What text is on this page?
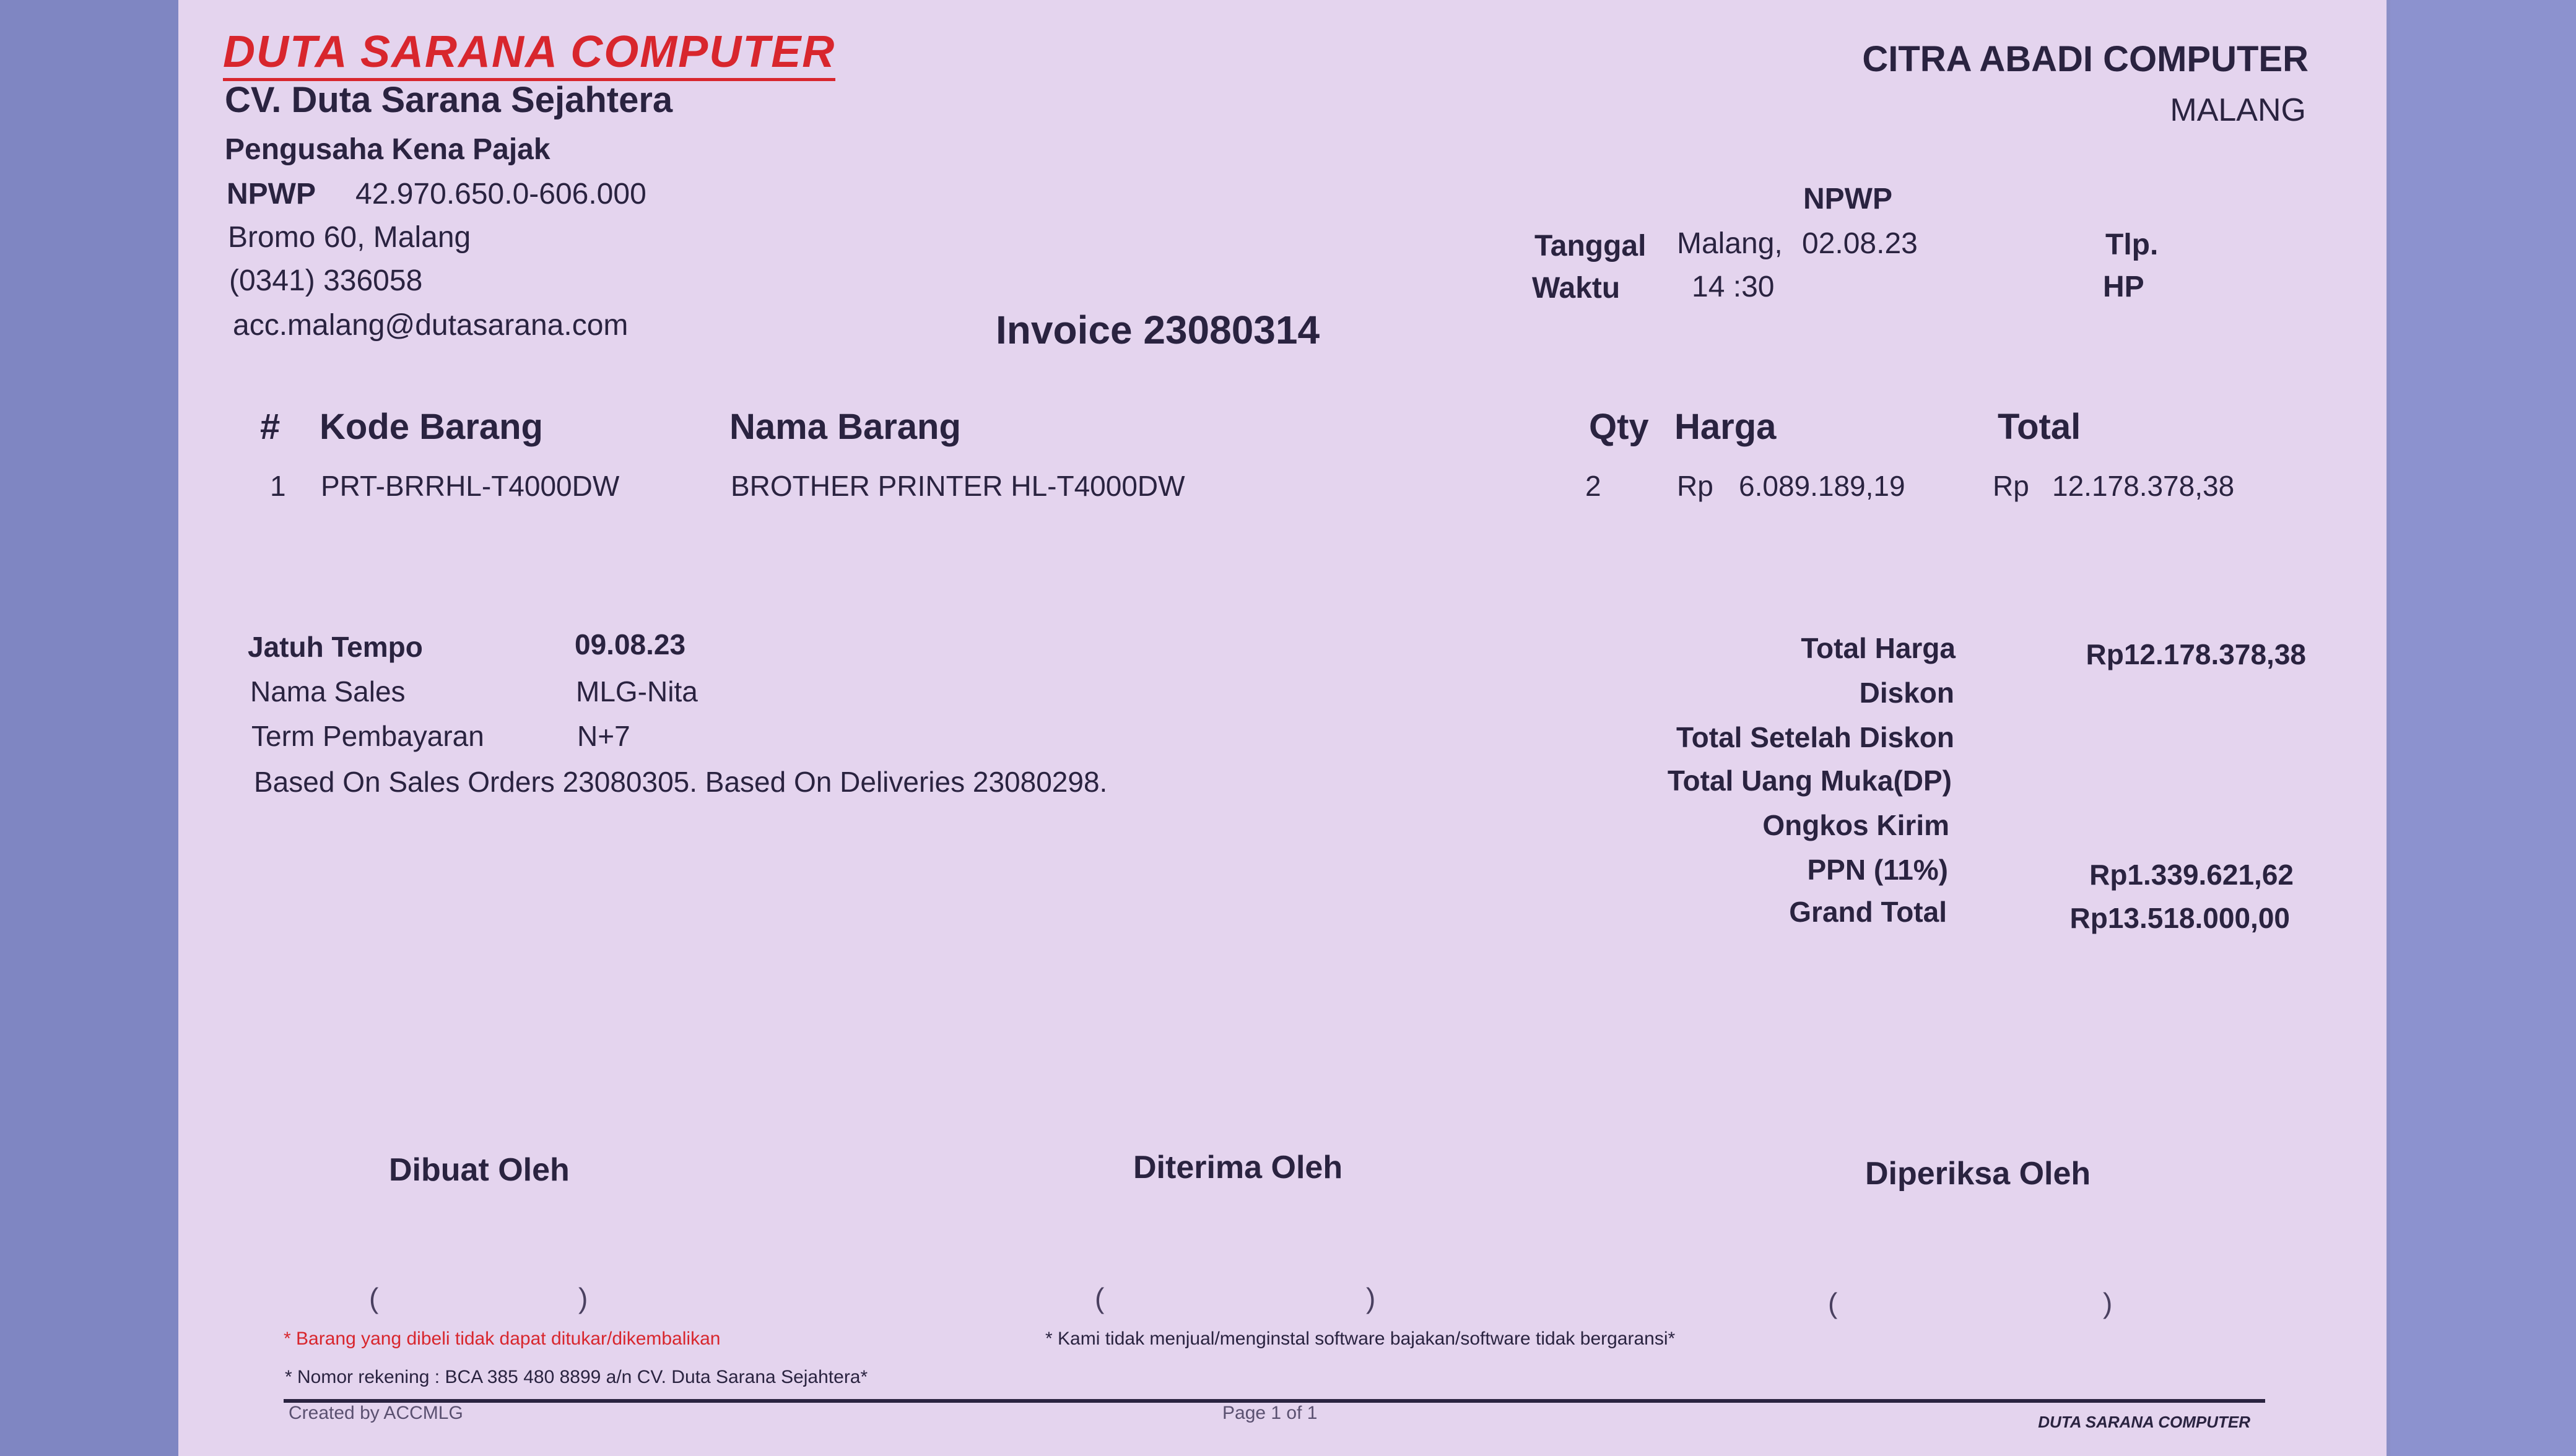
DUTA SARANA COMPUTER
CV. Duta Sarana Sejahtera
Pengusaha Kena Pajak
NPWP 42.970.650.0-606.000
Bromo 60, Malang
(0341) 336058
acc.malang@dutasarana.com	Invoice 23080314
CITRA ABADI COMPUTER
MALANG
NPWP
Tanggal Malang, 02.08.23	Tlp.
Waktu 14 :30	HP
# Kode Barang	Nama Barang	Qty Harga	Total
1 PRT-BRRHL-T4000DW	BROTHER PRINTER HL-T4000DW	2	Rp 6.089.189,19	Rp 12.178.378,38
Jatuh Tempo	09.08.23
Nama Sales	MLG-Nita
Term Pembayaran	N+7
Based On Sales Orders 23080305. Based On Deliveries 23080298.
Total Harga	Rp12.178.378,38
Diskon
Total Setelah Diskon
Total Uang Muka(DP)
Ongkos Kirim
PPN (11%)	Rp1.339.621,62
Grand Total	Rp13.518.000,00
Dibuat Oleh	Diterima Oleh	Diperiksa Oleh
(	)	(	)	(	)
* Barang yang dibeli tidak dapat ditukar/dikembalikan	* Kami tidak menjual/menginstal software bajakan/software tidak bergaransi*
* Nomor rekening : BCA 385 480 8899 a/n CV. Duta Sarana Sejahtera*
Created by ACCMLG	Page 1 of 1	DUTA SARANA COMPUTER
